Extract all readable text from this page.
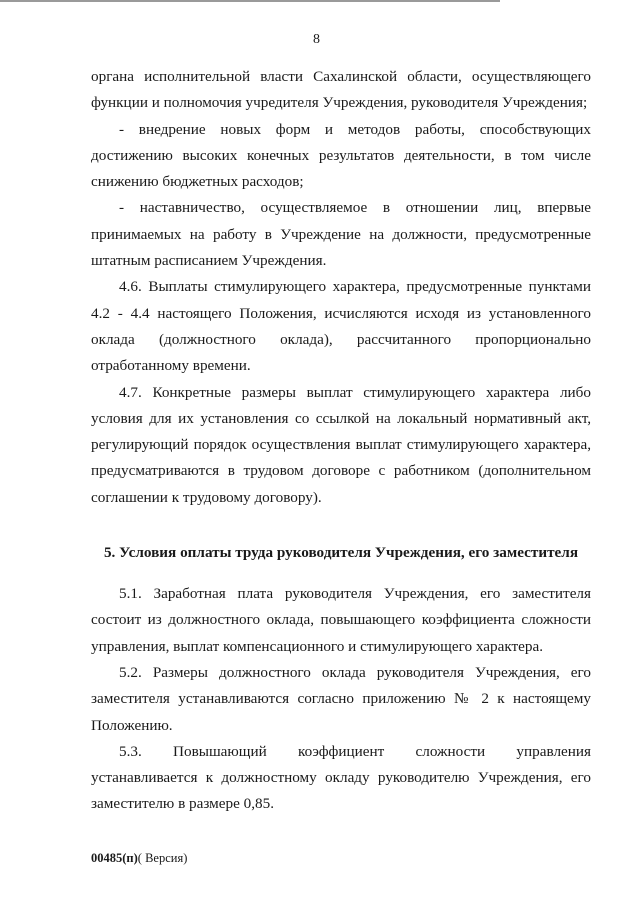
8

органа исполнительной власти Сахалинской области, осуществляющего функции и полномочия учредителя Учреждения, руководителя Учреждения;

- внедрение новых форм и методов работы, способствующих достижению высоких конечных результатов деятельности, в том числе снижению бюджетных расходов;

- наставничество, осуществляемое в отношении лиц, впервые принимаемых на работу в Учреждение на должности, предусмотренные штатным расписанием Учреждения.

4.6. Выплаты стимулирующего характера, предусмотренные пунктами 4.2 - 4.4 настоящего Положения, исчисляются исходя из установленного оклада (должностного оклада), рассчитанного пропорционально отработанному времени.

4.7. Конкретные размеры выплат стимулирующего характера либо условия для их установления со ссылкой на локальный нормативный акт, регулирующий порядок осуществления выплат стимулирующего характера, предусматриваются в трудовом договоре с работником (дополнительном соглашении к трудовому договору).

5. Условия оплаты труда руководителя Учреждения, его заместителя

5.1. Заработная плата руководителя Учреждения, его заместителя состоит из должностного оклада, повышающего коэффициента сложности управления, выплат компенсационного и стимулирующего характера.

5.2. Размеры должностного оклада руководителя Учреждения, его заместителя устанавливаются согласно приложению № 2 к настоящему Положению.

5.3. Повышающий коэффициент сложности управления устанавливается к должностному окладу руководителю Учреждения, его заместителю в размере 0,85.

00485(п)( Версия)
